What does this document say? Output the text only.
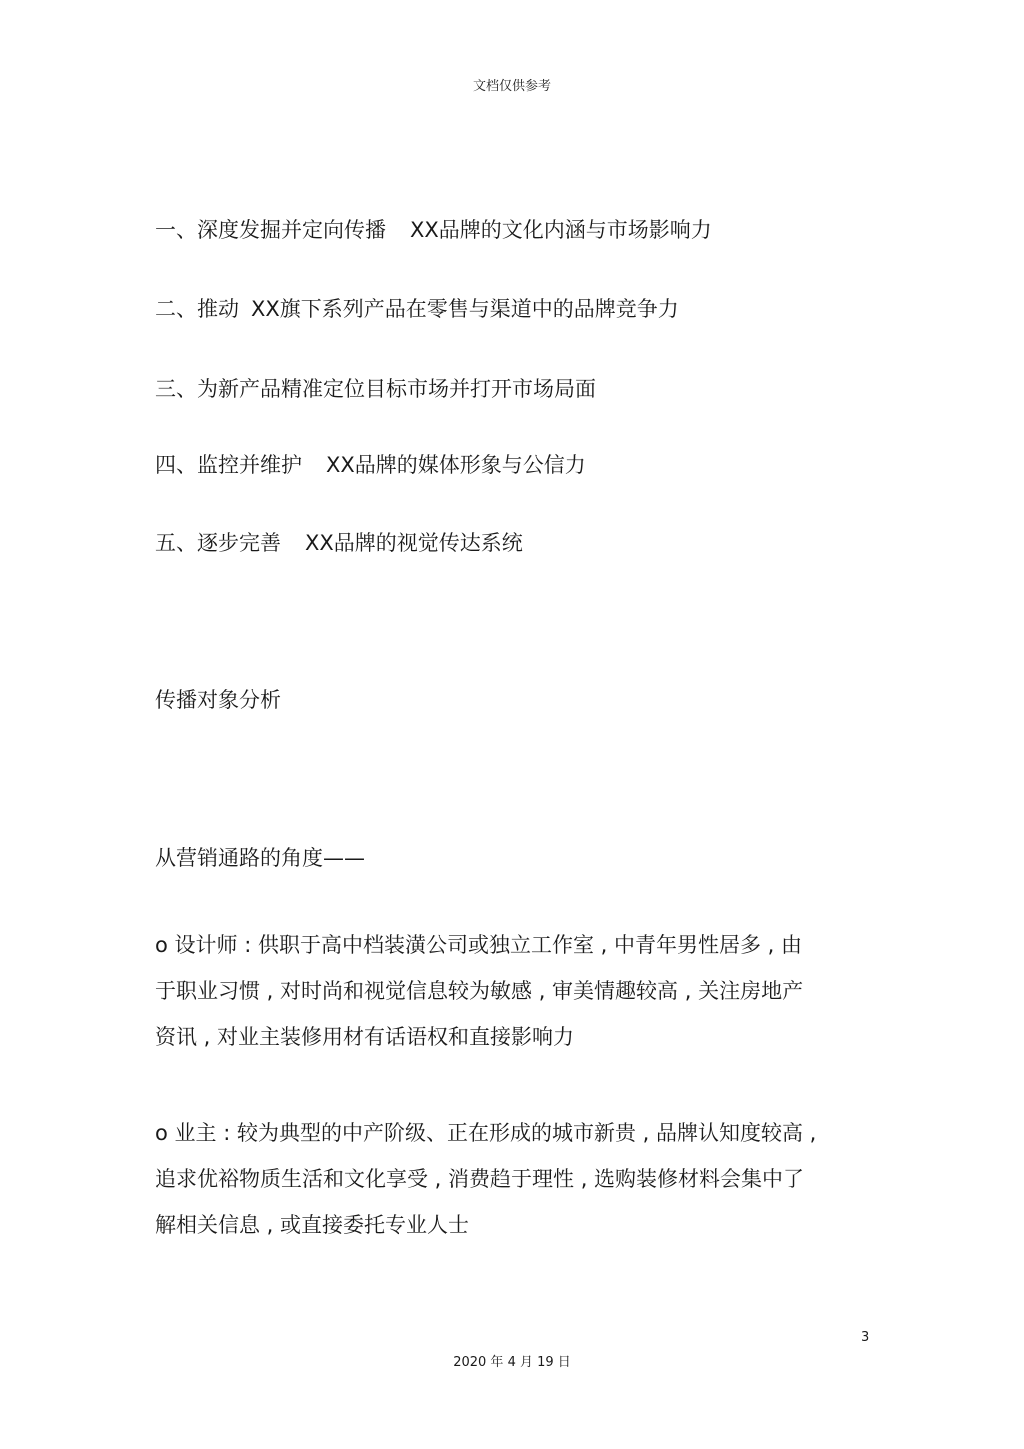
文档仅供参考
一、深度发掘并定向传播 XX品牌的文化内涵与市场影响力
二、推动 XX旗下系列产品在零售与渠道中的品牌竞争力
三、为新产品精准定位目标市场并打开市场局面
四、监控并维护 XX品牌的媒体形象与公信力
五、逐步完善 XX品牌的视觉传达系统
传播对象分析
从营销通路的角度——
o 设计师 : 供职于高中档装潢公司或独立工作室 , 中青年男性居多 , 由
于职业习惯 , 对时尚和视觉信息较为敏感 , 审美情趣较高 , 关注房地产
资讯 , 对业主装修用材有话语权和直接影响力
o 业主 : 较为典型的中产阶级、正在形成的城市新贵 , 品牌认知度较高 ,
追求优裕物质生活和文化享受 , 消费趋于理性 , 选购装修材料会集中了
解相关信息 , 或直接委托专业人士
3
2020 年 4 月 19 日
